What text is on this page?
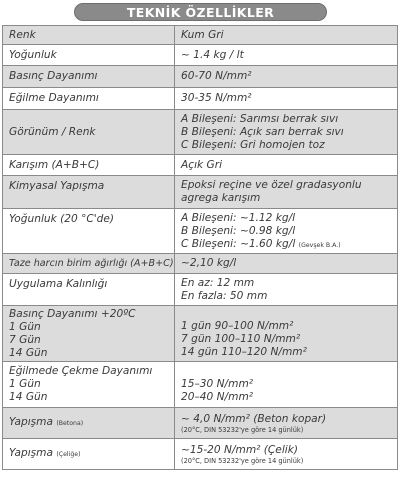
TEKNİK ÖZELLİKLER
Renk	Kum Gri
Yoğunluk	~ 1.4 kg / lt
Basınç Dayanımı	60-70 N/mm²
Eğilme Dayanımı	30-35 N/mm²
Görünüm / Renk	A Bileşeni: Sarımsı berrak sıvı
B Bileşeni: Açık sarı berrak sıvı
C Bileşeni: Gri homojen toz

Karışım (A+B+C)	Açık Gri
Kimyasal Yapışma	Epoksi reçine ve özel gradasyonlu
agrega karışım

Yoğunluk (20 °C'de)	A Bileşeni: ~1.12 kg/l
B Bileşeni: ~0.98 kg/l
C Bileşeni: ~1.60 kg/l (Gevşek B.A.)

Taze harcın birim ağırlığı (A+B+C)	~2,10 kg/l
Uygulama Kalınlığı	En az: 12 mm
En fazla: 50 mm

Basınç Dayanımı +20ºC
1 Gün
7 Gün
14 Gün	1 gün 90–100 N/mm²
7 gün 100–110 N/mm²
14 gün 110–120 N/mm²

Eğilmede Çekme Dayanımı
1 Gün
14 Gün	15–30 N/mm²
20–40 N/mm²

Yapışma (Betona)	~ 4,0 N/mm² (Beton kopar)
(20°C, DIN 53232'ye göre 14 günlük)

Yapışma (Çeliğe)	~15-20 N/mm² (Çelik)
(20°C, DIN 53232'ye göre 14 günlük)
